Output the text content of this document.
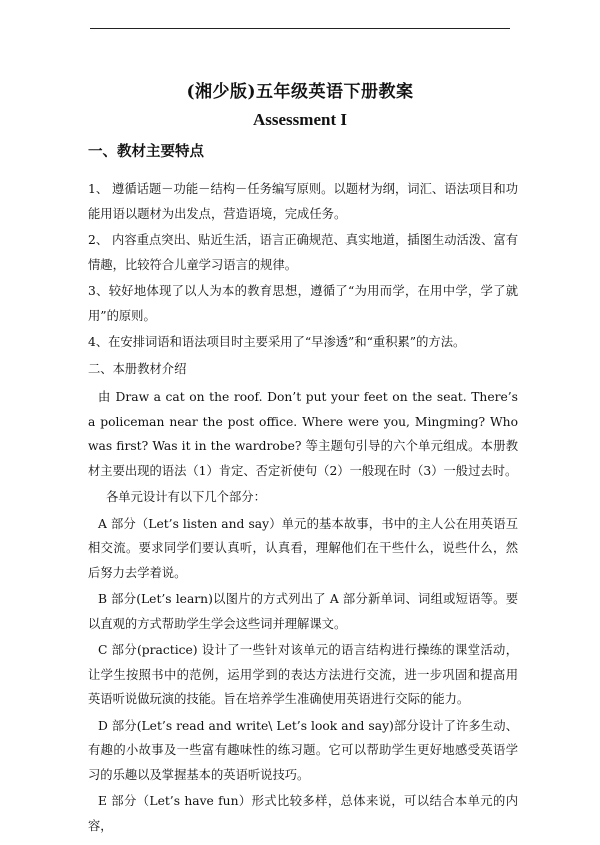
(湘少版)五年级英语下册教案
Assessment I
一、教材主要特点
1、 遵循话题－功能－结构－任务编写原则。以题材为纲，词汇、语法项目和功能用语以题材为出发点，营造语境，完成任务。
2、 内容重点突出、贴近生活，语言正确规范、真实地道，插图生动活泼、富有情趣，比较符合儿童学习语言的规律。
3、较好地体现了以人为本的教育思想，遵循了“为用而学，在用中学，学了就用”的原则。
4、在安排词语和语法项目时主要采用了“早渗透”和“重积累”的方法。
二、本册教材介绍
由 Draw a cat on the roof. Don’t put your feet on the seat. There’s a policeman near the post office. Where were you, Mingming? Who was first? Was it in the wardrobe? 等主题句引导的六个单元组成。本册教材主要出现的语法（1）肯定、否定祈使句（2）一般现在时（3）一般过去时。
各单元设计有以下几个部分：
A 部分（Let’s listen and say）单元的基本故事，书中的主人公在用英语互相交流。要求同学们要认真听，认真看，理解他们在干些什么，说些什么，然后努力去学着说。
B 部分(Let’s learn)以图片的方式列出了 A 部分新单词、词组或短语等。要以直观的方式帮助学生学会这些词并理解课文。
C 部分(practice) 设计了一些针对该单元的语言结构进行操练的课堂活动，让学生按照书中的范例，运用学到的表达方法进行交流，进一步巩固和提高用英语听说做玩演的技能。旨在培养学生准确使用英语进行交际的能力。
D 部分(Let’s read and write\ Let’s look and say)部分设计了许多生动、有趣的小故事及一些富有趣味性的练习题。它可以帮助学生更好地感受英语学习的乐趣以及掌握基本的英语听说技巧。
E 部分（Let’s have fun）形式比较多样，总体来说，可以结合本单元的内容，
